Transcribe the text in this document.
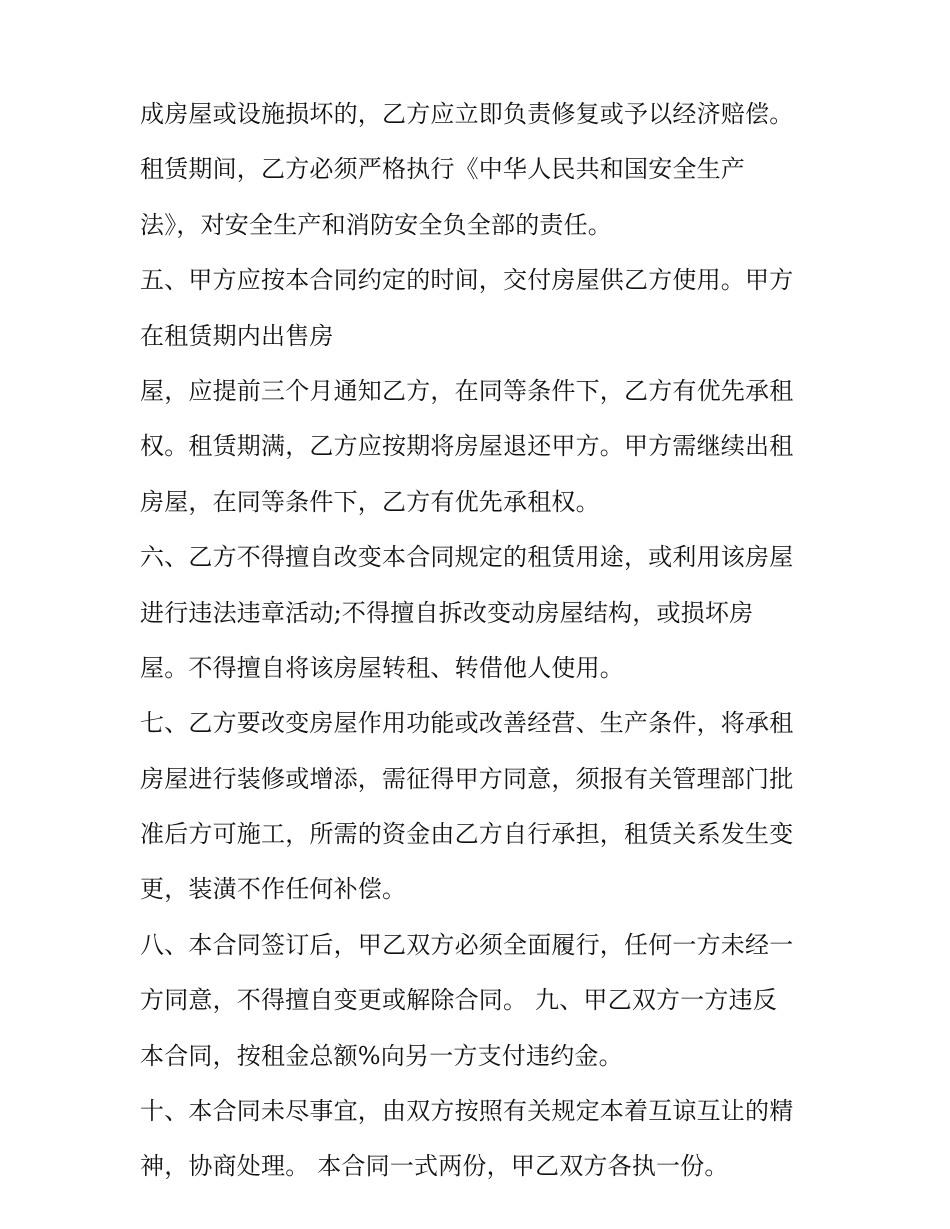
成房屋或设施损坏的，乙方应立即负责修复或予以经济赔偿。
租赁期间，乙方必须严格执行《中华人民共和国安全生产
法》，对安全生产和消防安全负全部的责任。
五、甲方应按本合同约定的时间，交付房屋供乙方使用。甲方
在租赁期内出售房
屋，应提前三个月通知乙方，在同等条件下，乙方有优先承租
权。租赁期满，乙方应按期将房屋退还甲方。甲方需继续出租
房屋，在同等条件下，乙方有优先承租权。
六、乙方不得擅自改变本合同规定的租赁用途，或利用该房屋
进行违法违章活动;不得擅自拆改变动房屋结构，或损坏房
屋。不得擅自将该房屋转租、转借他人使用。
七、乙方要改变房屋作用功能或改善经营、生产条件，将承租
房屋进行装修或增添，需征得甲方同意，须报有关管理部门批
准后方可施工，所需的资金由乙方自行承担，租赁关系发生变
更，装潢不作任何补偿。
八、本合同签订后，甲乙双方必须全面履行，任何一方未经一
方同意，不得擅自变更或解除合同。 九、甲乙双方一方违反
本合同，按租金总额%向另一方支付违约金。
十、本合同未尽事宜，由双方按照有关规定本着互谅互让的精
神，协商处理。 本合同一式两份，甲乙双方各执一份。
